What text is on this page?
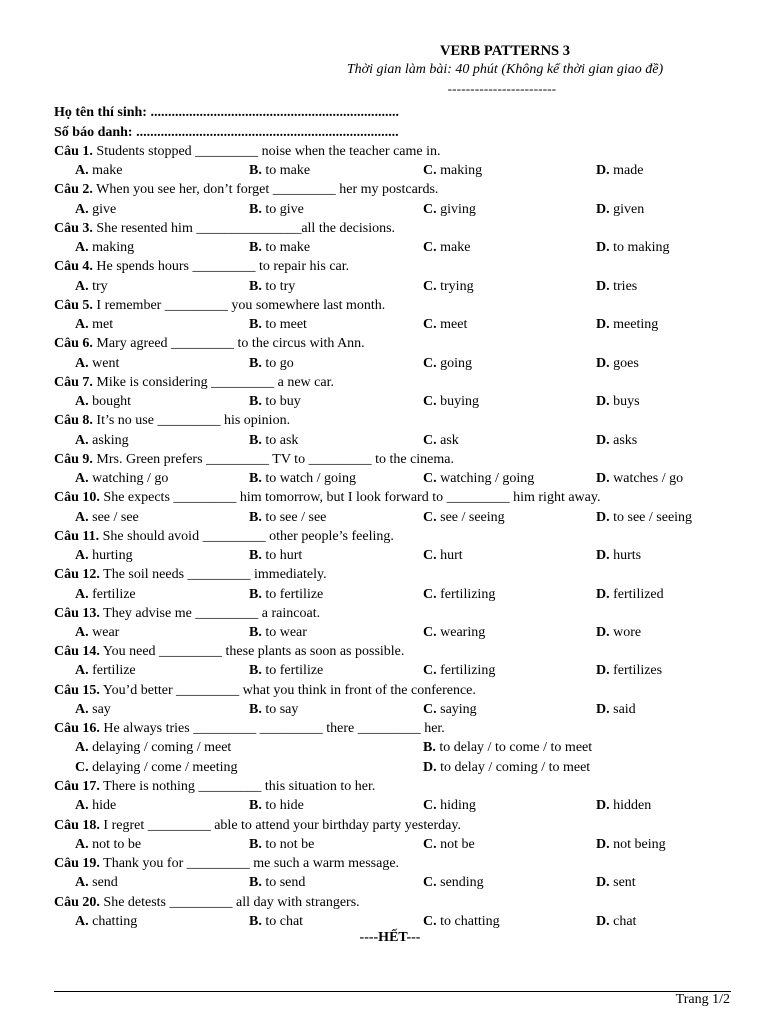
VERB PATTERNS 3
Thời gian làm bài: 40 phút (Không kể thời gian giao đề)
------------------------
Họ tên thí sinh: .......................................................................
Số báo danh: ...........................................................................
Câu 1. Students stopped _________ noise when the teacher came in.
A. make	B. to make	C. making	D. made
Câu 2. When you see her, don’t forget _________ her my postcards.
A. give	B. to give	C. giving	D. given
Câu 3. She resented him _______________all the decisions.
A. making	B. to make	C. make	D. to making
Câu 4. He spends hours _________ to repair his car.
A. try	B. to try	C. trying	D. tries
Câu 5. I remember _________ you somewhere last month.
A. met	B. to meet	C. meet	D. meeting
Câu 6. Mary agreed _________ to the circus with Ann.
A. went	B. to go	C. going	D. goes
Câu 7. Mike is considering _________ a new car.
A. bought	B. to buy	C. buying	D. buys
Câu 8. It’s no use _________ his opinion.
A. asking	B. to ask	C. ask	D. asks
Câu 9. Mrs. Green prefers _________ TV to _________ to the cinema.
A. watching / go	B. to watch / going	C. watching / going	D. watches / go
Câu 10. She expects _________ him tomorrow, but I look forward to _________ him right away.
A. see / see	B. to see / see	C. see / seeing	D. to see / seeing
Câu 11. She should avoid _________ other people’s feeling.
A. hurting	B. to hurt	C. hurt	D. hurts
Câu 12. The soil needs _________ immediately.
A. fertilize	B. to fertilize	C. fertilizing	D. fertilized
Câu 13. They advise me _________ a raincoat.
A. wear	B. to wear	C. wearing	D. wore
Câu 14. You need _________ these plants as soon as possible.
A. fertilize	B. to fertilize	C. fertilizing	D. fertilizes
Câu 15. You’d better _________ what you think in front of the conference.
A. say	B. to say	C. saying	D. said
Câu 16. He always tries _________ _________ there _________ her.
A. delaying / coming / meet	B. to delay / to come / to meet
C. delaying / come / meeting	D. to delay / coming / to meet
Câu 17. There is nothing _________ this situation to her.
A. hide	B. to hide	C. hiding	D. hidden
Câu 18. I regret _________ able to attend your birthday party yesterday.
A. not to be	B. to not be	C. not be	D. not being
Câu 19. Thank you for _________ me such a warm message.
A. send	B. to send	C. sending	D. sent
Câu 20. She detests _________ all day with strangers.
A. chatting	B. to chat	C. to chatting	D. chat
----HẾT---
Trang 1/2
